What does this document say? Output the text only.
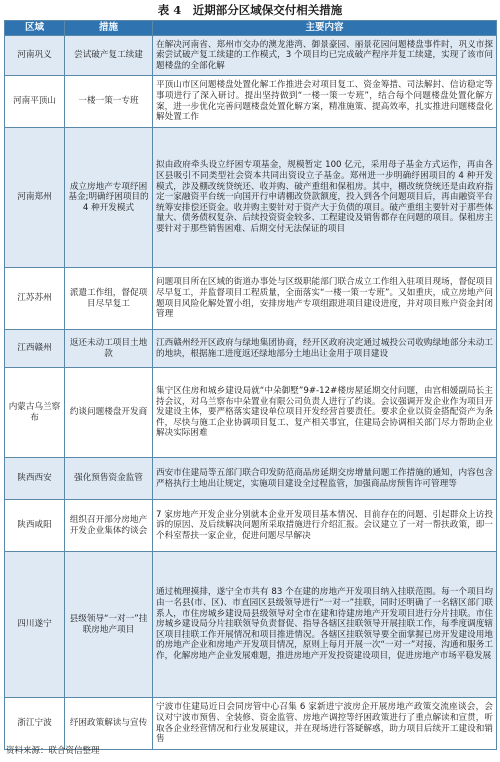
表 4　近期部分区域保交付相关措施
区域	措施	主要内容
河南巩义	尝试破产复工续建	在解决河南省、郑州市交办的澳龙港湾、御景豪园、丽景花园问题楼盘事件时，巩义市探索尝试破产复工续建的工作模式，3 个项目均已完成破产程序并复工续建，实现了该市问题楼盘的全部化解
河南平顶山	一楼一策一专班	平顶山市区问题楼盘处置化解工作推进会对项目复工、资金筹措、司法解封、信访稳定等事项进行了深入研讨。提出坚持做到“一楼一策一专班”，结合每个问题楼盘处置化解方案，进一步优化完善问题楼盘处置化解方案，精准施策、提高效率，扎实推进问题楼盘化解处置工作
河南郑州	成立房地产专项纾困基金;明确纾困项目的 4 种开发模式	拟由政府牵头设立纾困专项基金，规模暂定 100 亿元，采用母子基金方式运作，再由各区县吸引不同类型社会资本共同出资设立子基金。郑州进一步明确纾困项目的 4 种开发模式，涉及棚改统贷统还、收并购、破产重组和保租房。其中，棚改统贷统还是由政府指定一家融资平台统一向国开行申请棚改贷款额度，投入到各个问题项目后，再由融资平台统筹安排偿还资金。收并购主要针对于资产大于负债的项目。破产重组主要针对于那些体量大、债务债权复杂、后续投资资金较多、工程建设及销售都存在问题的项目。保租房主要针对于那些销售困难、后期交付无法保证的项目
江苏苏州	派遣工作组，督促项目尽早复工	问题项目所在区域的街道办事处与区级职能部门联合成立工作组入驻项目现场，督促项目尽早复工，并监督项目工程质量，全面落实“一楼一策一专班”。又如重庆，成立房地产问题项目风险化解处置小组，安排房地产专项组跟进项目建设进度，并对项目账户资金封闭管理
江西赣州	返还未动工项目土地款	江西赣州经开区政府与绿地集团协商，经开区政府决定通过城投公司收购绿地部分未动工的地块，根据施工进度返还绿地部分土地出让金用于项目建设
内蒙古乌兰察布	约谈问题楼盘开发商	集宁区住房和城乡建设局就“中朵御墅”9#-12#楼房屋延期交付问题，由宫相媛副局长主持会议，对乌兰察布中朵置业有限公司负责人进行了约谈。会议强调开发企业作为项目开发建设主体，要严格落实建设单位项目开发经营首要责任。要求企业以资金搭配资产为条件，尽快与施工企业协调项目复工、复产相关事宜，住建局会协调相关部门尽力帮助企业解决实际困难
陕西西安	强化预售资金监管	西安市住建局等五部门联合印发防范商品房延期交房增量问题工作措施的通知，内容包含严格执行土地出让规定，实施项目建设全过程监管，加强商品房预售许可管理等
陕西咸阳	组织召开部分房地产开发企业集体约谈会	7 家房地产开发企业分别就本企业开发项目基本情况、目前存在的问题、引起群众上访投诉的原因、及后续解决问题所采取措施进行介绍汇报。会议建立了一对一帮扶政策，即一个科室帮扶一家企业，促进问题尽早解决
四川遂宁	县级领导“一对一”挂联房地产项目	通过梳理摸排，遂宁全市共有 83 个在建的房地产开发项目纳入挂联范围。每一个项目均由一名县(市、区)、市直园区县级领导进行“一对一”挂联，同时还明确了一名辖区部门联系人，市住房城乡建设局县级领导对全市在建和待建房地产开发项目进行分片挂联。市住房城乡建设局分片挂联领导负责督促、指导各辖区挂联领导开展挂联工作，每季度调度辖区项目挂联工作开展情况和项目推进情况。各辖区挂联领导要全面掌握已房开发建设用地的房地产企业和房地产开发项目情况，原则上每月开展一次“一对一”对接、沟通和服务工作，化解房地产企业发展难题，推进房地产开发投资建设项目，促进房地产市场平稳发展
浙江宁波	纾困政策解读与宣传	宁波市住建局近日会同房管中心召集 6 家新进宁波房企开展房地产政策交流座谈会，会议对宁波市预售、全装修、资金监管、房地产调控等纾困政策进行了重点解读和宣贯，听取各企业经营情况和行业发展建议，并在现场进行答疑解惑，助力项目后续开工建设和销售
资料来源：联合资信整理
